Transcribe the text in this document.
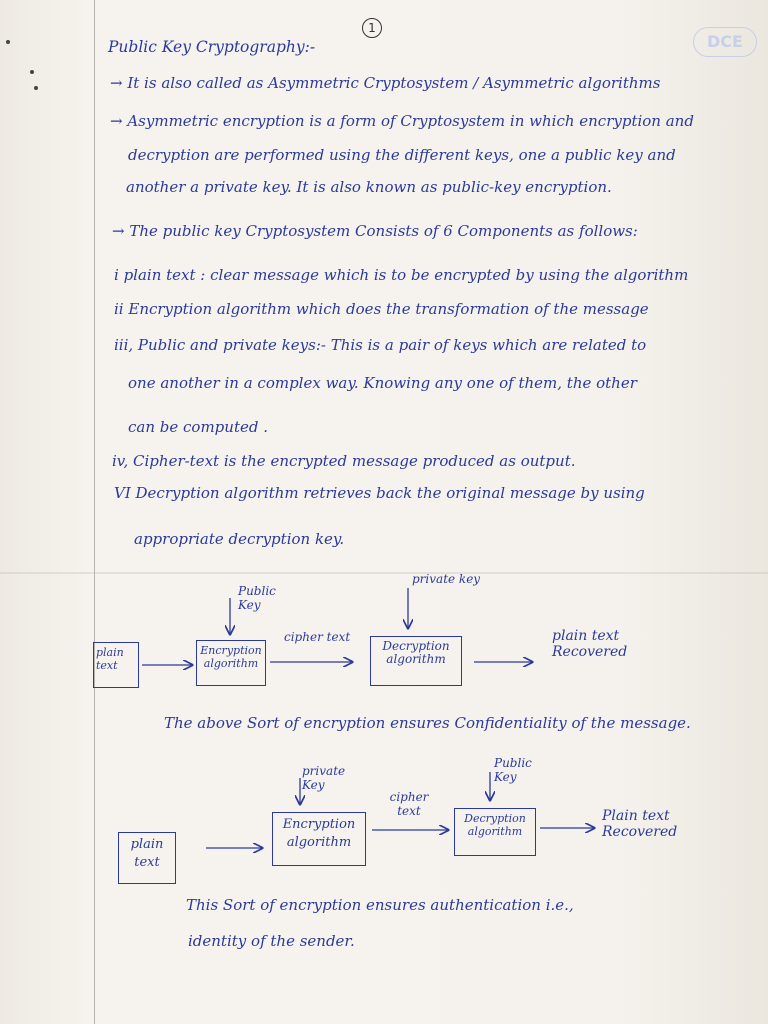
1
DCE
Public Key Cryptography:-
→ It is also called as Asymmetric Cryptosystem / Asymmetric algorithms
→ Asymmetric encryption is a form of Cryptosystem in which encryption and
decryption are performed using the different keys, one a public key and
another a private key. It is also known as public-key encryption.
→ The public key Cryptosystem Consists of 6 Components as follows:
i plain text : clear message which is to be encrypted by using the algorithm
ii Encryption algorithm which does the transformation of the message
iii, Public and private keys:- This is a pair of keys which are related to
one another in a complex way. Knowing any one of them, the other
can be computed .
iv, Cipher-text is the encrypted message produced as output.
VI Decryption algorithm retrieves back the original message by using
appropriate decryption key.
Public Key
private key
plain text
Encryption algorithm
cipher text
Decryption algorithm
plain text Recovered
The above Sort of encryption ensures Confidentiality of the message.
private Key
Public Key
plain text
Encryption algorithm
cipher text
Decryption algorithm
Plain text Recovered
This Sort of encryption ensures authentication i.e.,
identity of the sender.
